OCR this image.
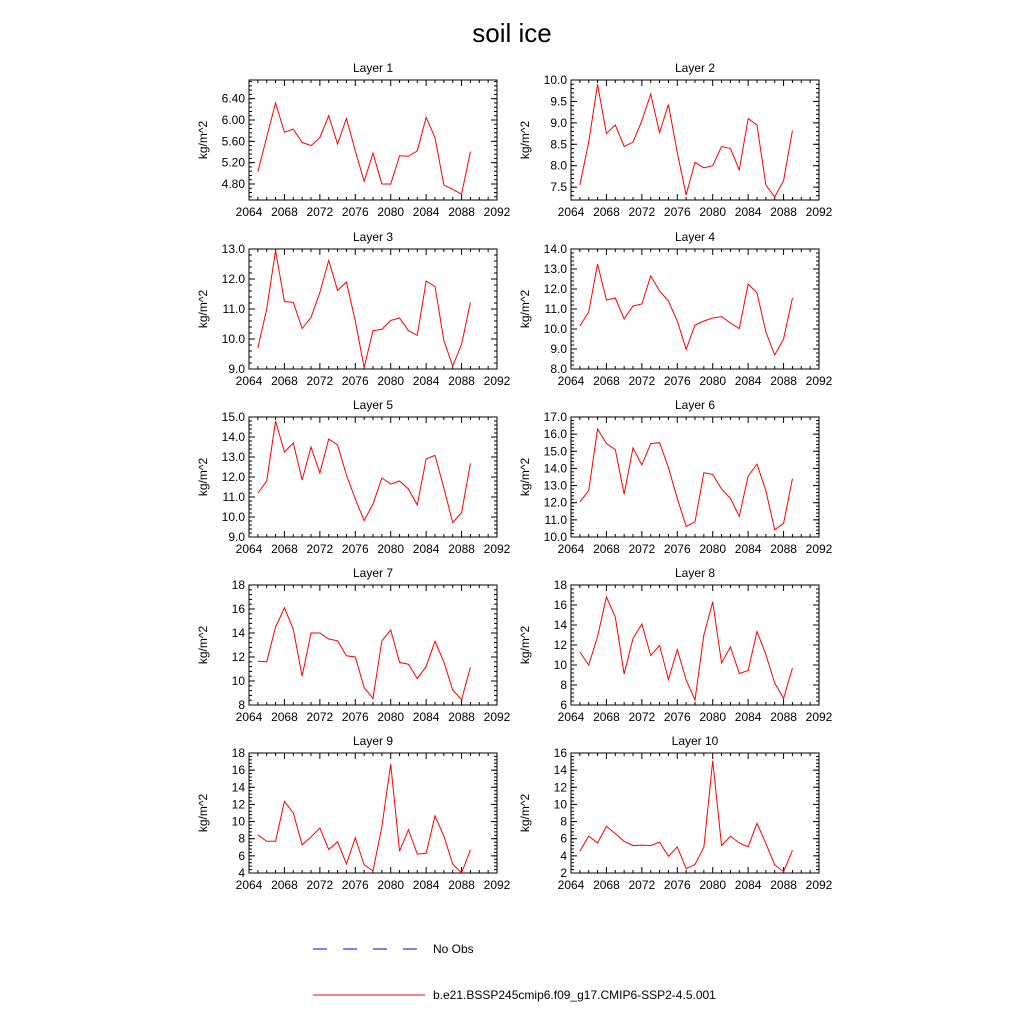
soil ice
Layer 1
2064 2068 2072 2076 2080 2084 2088 2092
4.80
5.20
5.60
6.00
6.40
kg/m^2
Layer 2
2064 2068 2072 2076 2080 2084 2088 2092
7.5
8.0
8.5
9.0
9.5
10.0
kg/m^2
Layer 3
2064 2068 2072 2076 2080 2084 2088 2092
9.0
10.0
11.0
12.0
13.0
kg/m^2
Layer 4
2064 2068 2072 2076 2080 2084 2088 2092
8.0
9.0
10.0
11.0
12.0
13.0
14.0
kg/m^2
Layer 5
2064 2068 2072 2076 2080 2084 2088 2092
9.0
10.0
11.0
12.0
13.0
14.0
15.0
kg/m^2
Layer 6
2064 2068 2072 2076 2080 2084 2088 2092
10.0
11.0
12.0
13.0
14.0
15.0
16.0
17.0
kg/m^2
Layer 7
2064 2068 2072 2076 2080 2084 2088 2092
8
10
12
14
16
18
kg/m^2
Layer 8
2064 2068 2072 2076 2080 2084 2088 2092
6
8
10
12
14
16
18
kg/m^2
Layer 9
2064 2068 2072 2076 2080 2084 2088 2092
4
6
8
10
12
14
16
18
kg/m^2
Layer 10
2064 2068 2072 2076 2080 2084 2088 2092
2
4
6
8
10
12
14
16
kg/m^2
No Obs
b.e21.BSSP245cmip6.f09_g17.CMIP6-SSP2-4.5.001
